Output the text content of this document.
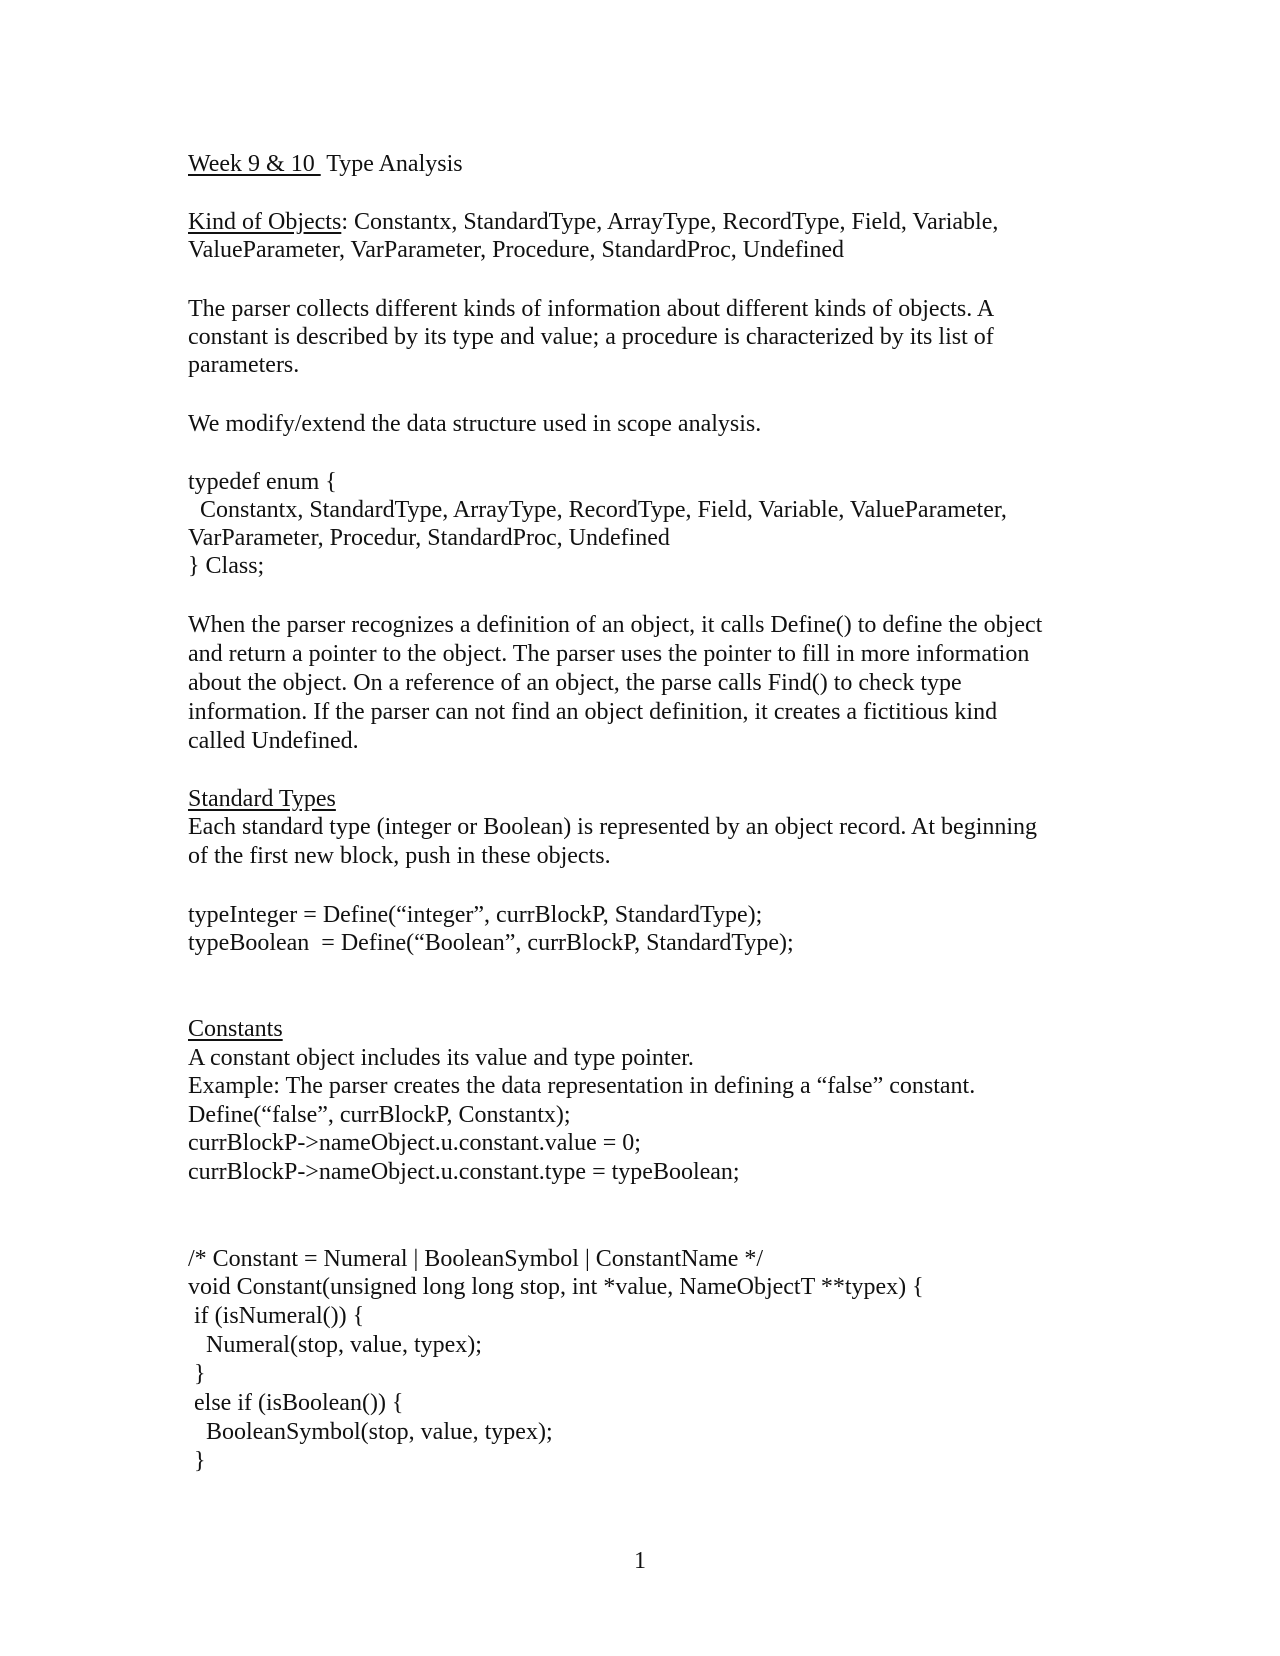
Week 9 & 10  Type Analysis
Kind of Objects: Constantx, StandardType, ArrayType, RecordType, Field, Variable,
ValueParameter, VarParameter, Procedure, StandardProc, Undefined
The parser collects different kinds of information about different kinds of objects. A
constant is described by its type and value; a procedure is characterized by its list of
parameters.
We modify/extend the data structure used in scope analysis.
typedef enum {
Constantx, StandardType, ArrayType, RecordType, Field, Variable, ValueParameter,
VarParameter, Procedur, StandardProc, Undefined
} Class;
When the parser recognizes a definition of an object, it calls Define() to define the object
and return a pointer to the object. The parser uses the pointer to fill in more information
about the object. On a reference of an object, the parse calls Find() to check type
information. If the parser can not find an object definition, it creates a fictitious kind
called Undefined.
Standard Types
Each standard type (integer or Boolean) is represented by an object record. At beginning
of the first new block, push in these objects.
typeInteger = Define(“integer”, currBlockP, StandardType);
typeBoolean  = Define(“Boolean”, currBlockP, StandardType);
Constants
A constant object includes its value and type pointer.
Example: The parser creates the data representation in defining a “false” constant.
Define(“false”, currBlockP, Constantx);
currBlockP->nameObject.u.constant.value = 0;
currBlockP->nameObject.u.constant.type = typeBoolean;
/* Constant = Numeral | BooleanSymbol | ConstantName */
void Constant(unsigned long long stop, int *value, NameObjectT **typex) {
if (isNumeral()) {
Numeral(stop, value, typex);
}
else if (isBoolean()) {
BooleanSymbol(stop, value, typex);
}
1
